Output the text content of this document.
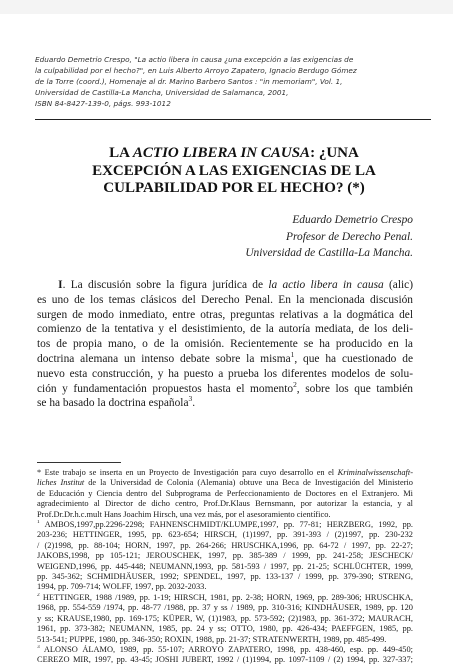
Eduardo Demetrio Crespo, "La actio libera in causa ¿una excepción a las exigencias de
la culpabilidad por el hecho?", en Luis Alberto Arroyo Zapatero, Ignacio Berdugo Gómez
de la Torre (coord.), Homenaje al dr. Marino Barbero Santos : "in memoriam", Vol. 1,
Universidad de Castilla-La Mancha, Universidad de Salamanca, 2001,
ISBN 84-8427-139-0, págs. 993-1012
LA ACTIO LIBERA IN CAUSA: ¿UNA
EXCEPCIÓN A LAS EXIGENCIAS DE LA
CULPABILIDAD POR EL HECHO? (*)
Eduardo Demetrio Crespo
Profesor de Derecho Penal.
Universidad de Castilla-La Mancha.
I. La discusión sobre la figura jurídica de la actio libera in causa (alic)
es uno de los temas clásicos del Derecho Penal. En la mencionada discusión
surgen de modo inmediato, entre otras, preguntas relativas a la dogmática del
comienzo de la tentativa y el desistimiento, de la autoría mediata, de los deli-
tos de propia mano, o de la omisión. Recientemente se ha producido en la
doctrina alemana un intenso debate sobre la misma$^1$, que ha cuestionado de
nuevo esta construcción, y ha puesto a prueba los diferentes modelos de solu-
ción y fundamentación propuestos hasta el momento$^2$, sobre los que también
se ha basado la doctrina española$^3$.
* Este trabajo se inserta en un Proyecto de Investigación para cuyo desarrollo en el Kriminalwissenschaft-
liches Institut de la Universidad de Colonia (Alemania) obtuve una Beca de Investigación del Ministerio
de Educación y Ciencia dentro del Subprograma de Perfeccionamiento de Doctores en el Extranjero. Mi
agradecimiento al Director de dicho centro, Prof.Dr.Klaus Bernsmann, por autorizar la estancia, y al
Prof.Dr.Dr.h.c.mult Hans Joachim Hirsch, una vez más, por el asesoramiento científico.
$^1$ AMBOS,1997,pp.2296-2298; FAHNENSCHMIDT/KLUMPE,1997, pp. 77-81; HERZBERG, 1992, pp.
203-236; HETTINGER, 1995, pp. 623-654; HIRSCH, (1)1997, pp. 391-393 / (2)1997, pp. 230-232
/ (2)1998, pp. 88-104; HORN, 1997, pp. 264-266; HRUSCHKA,1996, pp. 64-72 / 1997, pp. 22-27;
JAKOBS,1998, pp 105-121; JEROUSCHEK, 1997, pp. 385-389 / 1999, pp. 241-258; JESCHECK/
WEIGEND,1996, pp. 445-448; NEUMANN,1993, pp. 581-593 / 1997, pp. 21-25; SCHLÜCHTER, 1999,
pp. 345-362; SCHMIDHÄUSER, 1992; SPENDEL, 1997, pp. 133-137 / 1999, pp. 379-390; STRENG,
1994, pp. 709-714; WOLFF, 1997, pp. 2032-2033.
$^2$ HETTINGER, 1988 /1989, pp. 1-19; HIRSCH, 1981, pp. 2-38; HORN, 1969, pp. 289-306; HRUSCHKA,
1968, pp. 554-559 /1974, pp. 48-77 /1988, pp. 37 y ss / 1989, pp. 310-316; KINDHÄUSER, 1989, pp. 120
y ss; KRAUSE,1980, pp. 169-175; KÜPER, W, (1)1983, pp. 573-592; (2)1983, pp. 361-372; MAURACH,
1961, pp. 373-382; NEUMANN, 1985, pp. 24 y ss; OTTO, 1980, pp. 426-434; PAEFFGEN, 1985, pp.
513-541; PUPPE, 1980, pp. 346-350; ROXIN, 1988, pp. 21-37; STRATENWERTH, 1989, pp. 485-499.
$^3$ ALONSO ÁLAMO, 1989, pp. 55-107; ARROYO ZAPATERO, 1998, pp. 438-460, esp. pp. 449-450;
CEREZO MIR, 1997, pp. 43-45; JOSHI JUBERT, 1992 / (1)1994, pp. 1097-1109 / (2) 1994, pp. 327-337;
